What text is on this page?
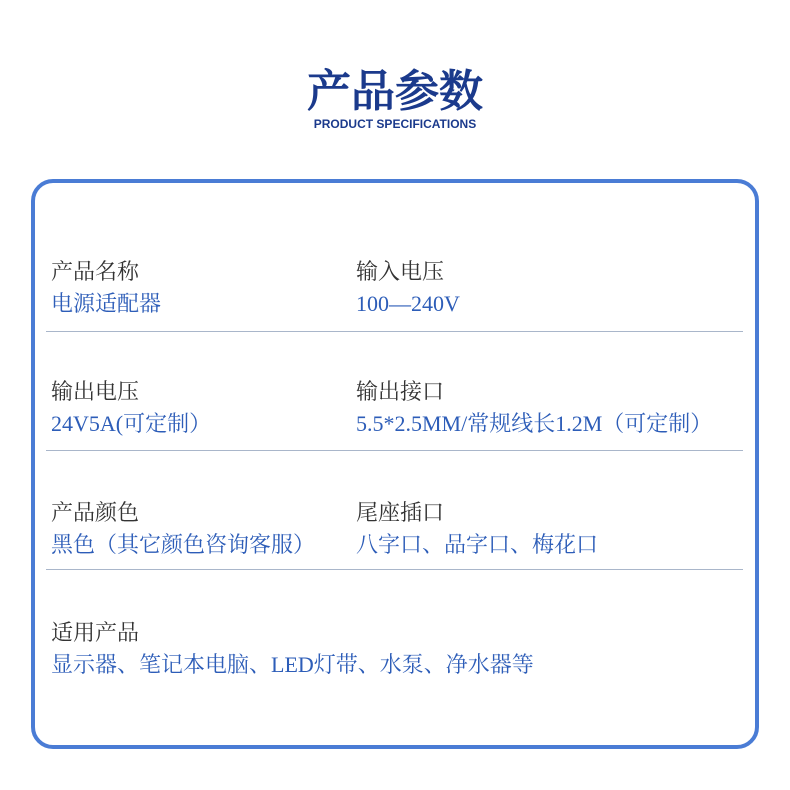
产品参数
PRODUCT SPECIFICATIONS
产品名称
电源适配器
输入电压
100—240V
输出电压
24V5A(可定制）
输出接口
5.5*2.5MM/常规线长1.2M（可定制）
产品颜色
黑色（其它颜色咨询客服）
尾座插口
八字口、品字口、梅花口
适用产品
显示器、笔记本电脑、LED灯带、水泵、净水器等
